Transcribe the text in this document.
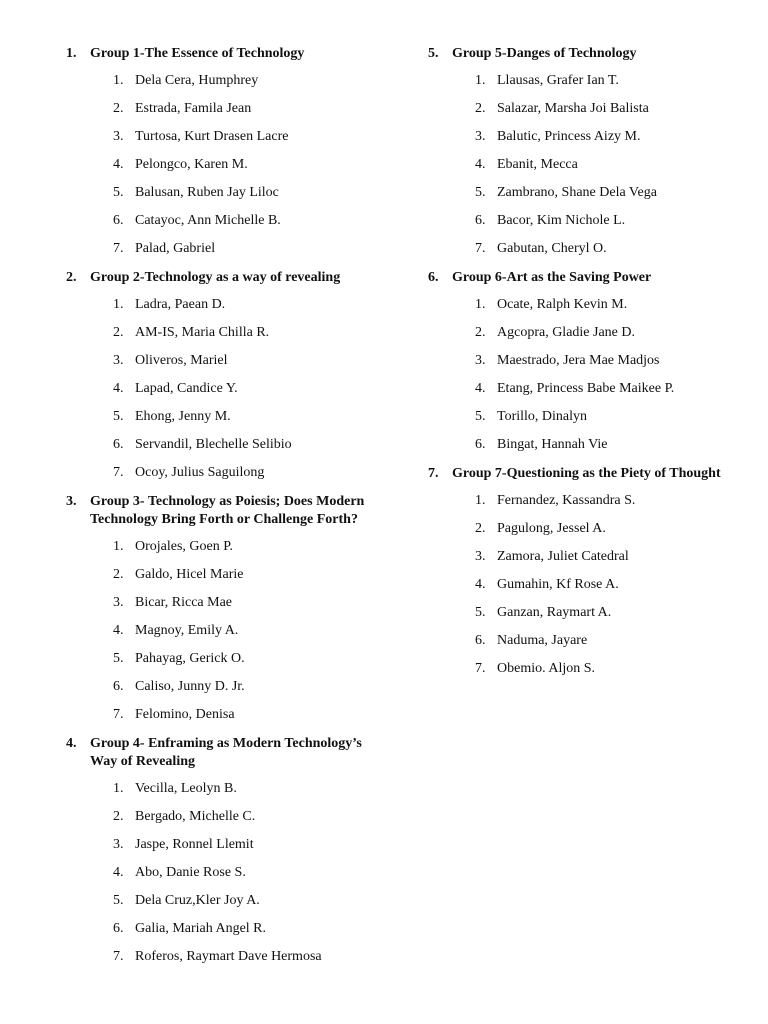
1. Group 1-The Essence of Technology
1. Dela Cera, Humphrey
2. Estrada, Famila Jean
3. Turtosa, Kurt Drasen Lacre
4. Pelongco, Karen M.
5. Balusan, Ruben Jay Liloc
6. Catayoc, Ann Michelle B.
7. Palad, Gabriel
2. Group 2-Technology as a way of revealing
1. Ladra, Paean D.
2. AM-IS, Maria Chilla R.
3. Oliveros, Mariel
4. Lapad, Candice Y.
5. Ehong, Jenny M.
6. Servandil, Blechelle Selibio
7. Ocoy, Julius Saguilong
3. Group 3- Technology as Poiesis; Does Modern Technology Bring Forth or Challenge Forth?
1. Orojales, Goen P.
2. Galdo, Hicel Marie
3. Bicar, Ricca Mae
4. Magnoy, Emily A.
5. Pahayag, Gerick O.
6. Caliso, Junny D. Jr.
7. Felomino, Denisa
4. Group 4- Enframing as Modern Technology’s Way of Revealing
1. Vecilla, Leolyn B.
2. Bergado, Michelle C.
3. Jaspe, Ronnel Llemit
4. Abo, Danie Rose S.
5. Dela Cruz,Kler Joy A.
6. Galia, Mariah Angel R.
7. Roferos, Raymart Dave Hermosa
5. Group 5-Danges of Technology
1. Llausas, Grafer Ian T.
2. Salazar, Marsha Joi Balista
3. Balutic, Princess Aizy M.
4. Ebanit, Mecca
5. Zambrano, Shane Dela Vega
6. Bacor, Kim Nichole L.
7. Gabutan, Cheryl O.
6. Group 6-Art as the Saving Power
1. Ocate, Ralph Kevin M.
2. Agcopra, Gladie Jane D.
3. Maestrado, Jera Mae Madjos
4. Etang, Princess Babe Maikee P.
5. Torillo, Dinalyn
6. Bingat, Hannah Vie
7. Group 7-Questioning as the Piety of Thought
1. Fernandez, Kassandra S.
2. Pagulong, Jessel A.
3. Zamora, Juliet Catedral
4. Gumahin, Kf Rose A.
5. Ganzan, Raymart A.
6. Naduma, Jayare
7. Obemio. Aljon S.
